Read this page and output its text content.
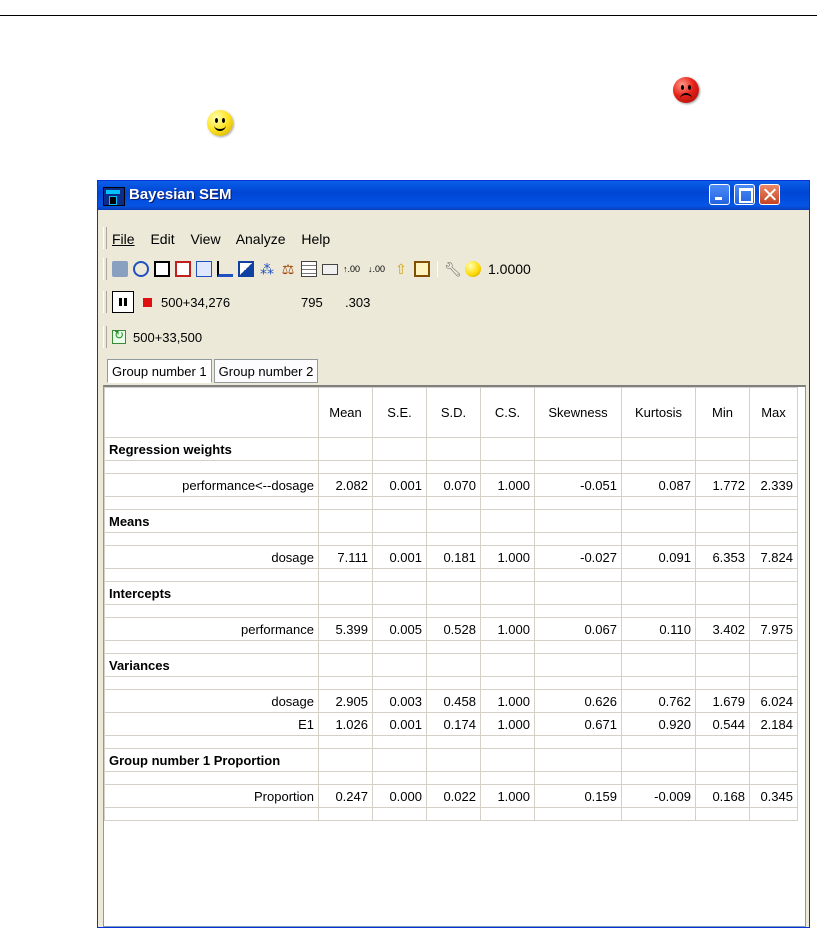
Bayesian SEM
File Edit View Analyze Help
⁂ ⚖	↑.00 ↓.00 ⇧	🔧︎ 1.0000
500+34,276	795	.303
↻
500+33,500
Group number 1 Group number 2
	Mean	S.E.	S.D.	C.S.	Skewness	Kurtosis	Min	Max
Regression weights								

performance<--dosage	2.082	0.001	0.070	1.000	-0.051	0.087	1.772	2.339

Means								

dosage	7.111	0.001	0.181	1.000	-0.027	0.091	6.353	7.824

Intercepts								

performance	5.399	0.005	0.528	1.000	0.067	0.110	3.402	7.975

Variances								

dosage	2.905	0.003	0.458	1.000	0.626	0.762	1.679	6.024
E1	1.026	0.001	0.174	1.000	0.671	0.920	0.544	2.184

Group number 1 Proportion								

Proportion	0.247	0.000	0.022	1.000	0.159	-0.009	0.168	0.345
